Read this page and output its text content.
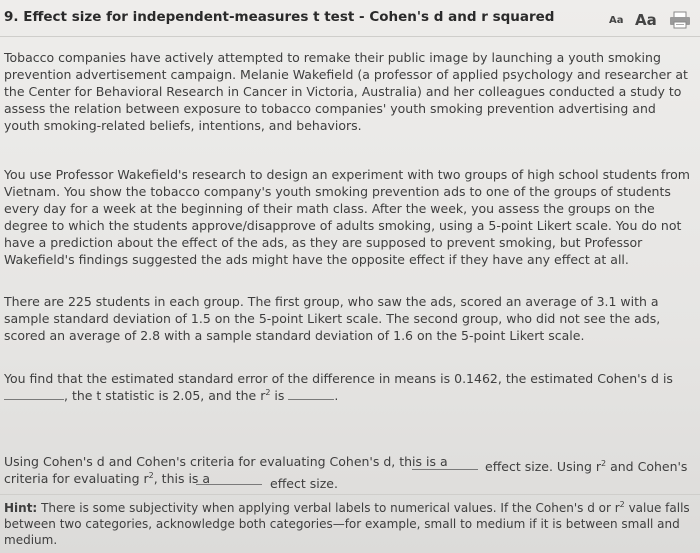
9. Effect size for independent-measures t test - Cohen's d and r squared	Aa Aa

Tobacco companies have actively attempted to remake their public image by launching a youth smoking prevention advertisement campaign. Melanie Wakefield (a professor of applied psychology and researcher at the Center for Behavioral Research in Cancer in Victoria, Australia) and her colleagues conducted a study to assess the relation between exposure to tobacco companies' youth smoking prevention advertising and youth smoking-related beliefs, intentions, and behaviors.

You use Professor Wakefield's research to design an experiment with two groups of high school students from Vietnam. You show the tobacco company's youth smoking prevention ads to one of the groups of students every day for a week at the beginning of their math class. After the week, you assess the groups on the degree to which the students approve/disapprove of adults smoking, using a 5-point Likert scale. You do not have a prediction about the effect of the ads, as they are supposed to prevent smoking, but Professor Wakefield's findings suggested the ads might have the opposite effect if they have any effect at all.

There are 225 students in each group. The first group, who saw the ads, scored an average of 3.1 with a sample standard deviation of 1.5 on the 5-point Likert scale. The second group, who did not see the ads, scored an average of 2.8 with a sample standard deviation of 1.6 on the 5-point Likert scale.

You find that the estimated standard error of the difference in means is 0.1462, the estimated Cohen's d is
, the t statistic is 2.05, and the $r^2$ is	.

Using Cohen's d and Cohen's criteria for evaluating Cohen's d, this is a	effect size. Using $r^2$ and Cohen's
criteria for evaluating $r^2$, this is a	effect size.

Hint: There is some subjectivity when applying verbal labels to numerical values. If the Cohen's d or $r^2$ value falls between two categories, acknowledge both categories—for example, small to medium if it is between small and medium.
